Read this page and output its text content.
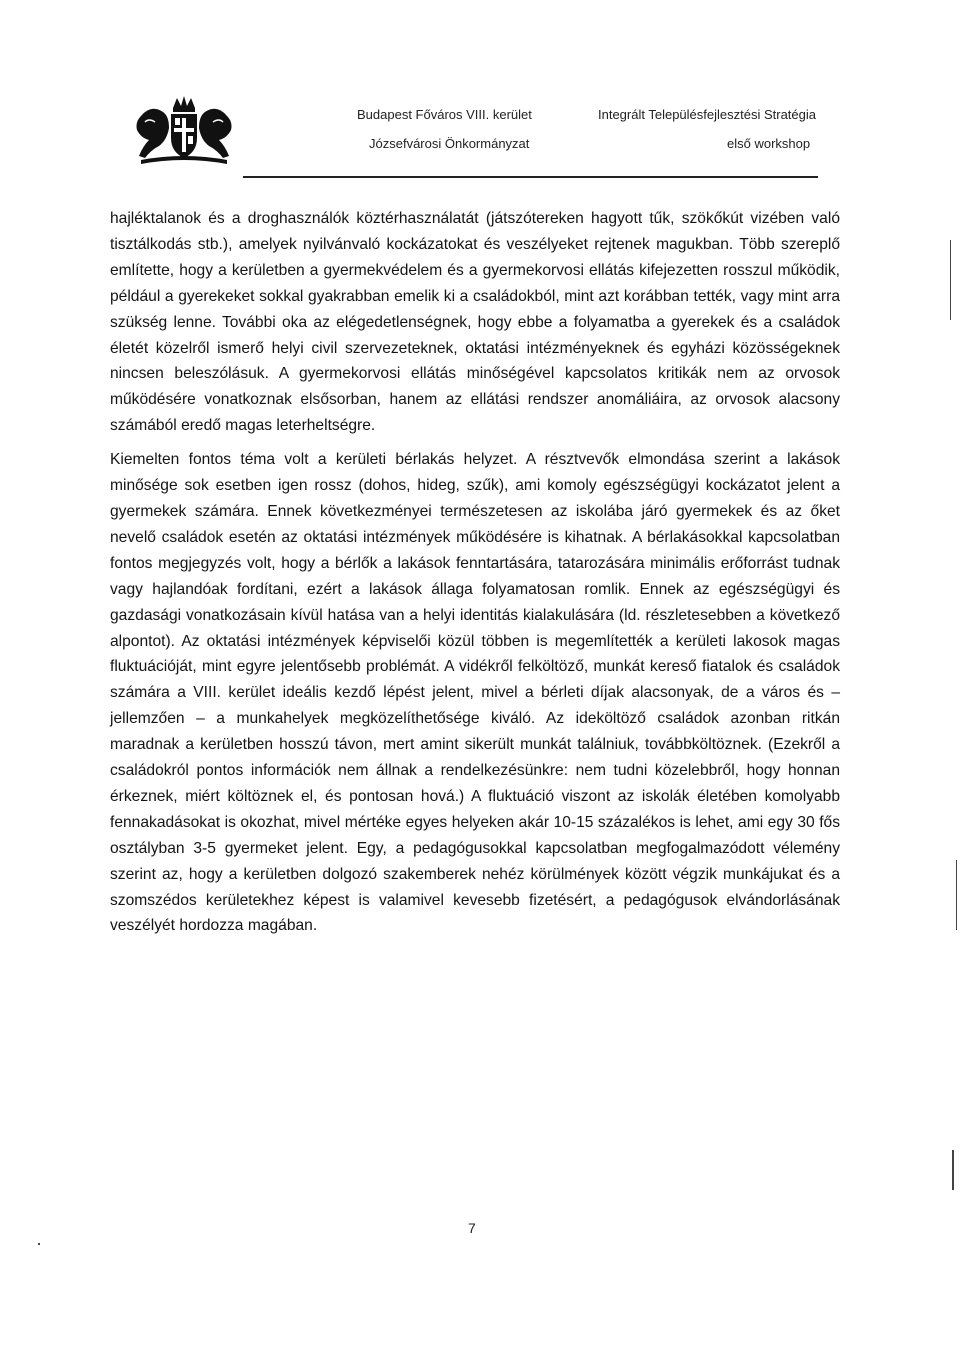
Budapest Főváros VIII. kerület
Józsefvárosi Önkormányzat
Integrált Településfejlesztési Stratégia
első workshop

hajléktalanok és a droghasználók köztérhasználatát (játszótereken hagyott tűk, szökőkút vizében való tisztálkodás stb.), amelyek nyilvánvaló kockázatokat és veszélyeket rejtenek magukban. Több szereplő említette, hogy a kerületben a gyermekvédelem és a gyermekorvosi ellátás kifejezetten rosszul működik, például a gyerekeket sokkal gyakrabban emelik ki a családokból, mint azt korábban tették, vagy mint arra szükség lenne. További oka az elégedetlenségnek, hogy ebbe a folyamatba a gyerekek és a családok életét közelről ismerő helyi civil szervezeteknek, oktatási intézményeknek és egyházi közösségeknek nincsen beleszólásuk. A gyermekorvosi ellátás minőségével kapcsolatos kritikák nem az orvosok működésére vonatkoznak elsősorban, hanem az ellátási rendszer anomáliáira, az orvosok alacsony számából eredő magas leterheltségre.

Kiemelten fontos téma volt a kerületi bérlakás helyzet. A résztvevők elmondása szerint a lakások minősége sok esetben igen rossz (dohos, hideg, szűk), ami komoly egészségügyi kockázatot jelent a gyermekek számára. Ennek következményei természetesen az iskolába járó gyermekek és az őket nevelő családok esetén az oktatási intézmények működésére is kihatnak. A bérlakásokkal kapcsolatban fontos megjegyzés volt, hogy a bérlők a lakások fenntartására, tatarozására minimális erőforrást tudnak vagy hajlandóak fordítani, ezért a lakások állaga folyamatosan romlik. Ennek az egészségügyi és gazdasági vonatkozásain kívül hatása van a helyi identitás kialakulására (ld. részletesebben a következő alpontot). Az oktatási intézmények képviselői közül többen is megemlítették a kerületi lakosok magas fluktuációját, mint egyre jelentősebb problémát. A vidékről felköltöző, munkát kereső fiatalok és családok számára a VIII. kerület ideális kezdő lépést jelent, mivel a bérleti díjak alacsonyak, de a város és – jellemzően – a munkahelyek megközelíthetősége kiváló. Az ideköltöző családok azonban ritkán maradnak a kerületben hosszú távon, mert amint sikerült munkát találniuk, továbbköltöznek. (Ezekről a családokról pontos információk nem állnak a rendelkezésünkre: nem tudni közelebbről, hogy honnan érkeznek, miért költöznek el, és pontosan hová.) A fluktuáció viszont az iskolák életében komolyabb fennakadásokat is okozhat, mivel mértéke egyes helyeken akár 10-15 százalékos is lehet, ami egy 30 fős osztályban 3-5 gyermeket jelent. Egy, a pedagógusokkal kapcsolatban megfogalmazódott vélemény szerint az, hogy a kerületben dolgozó szakemberek nehéz körülmények között végzik munkájukat és a szomszédos kerületekhez képest is valamivel kevesebb fizetésért, a pedagógusok elvándorlásának veszélyét hordozza magában.

7
